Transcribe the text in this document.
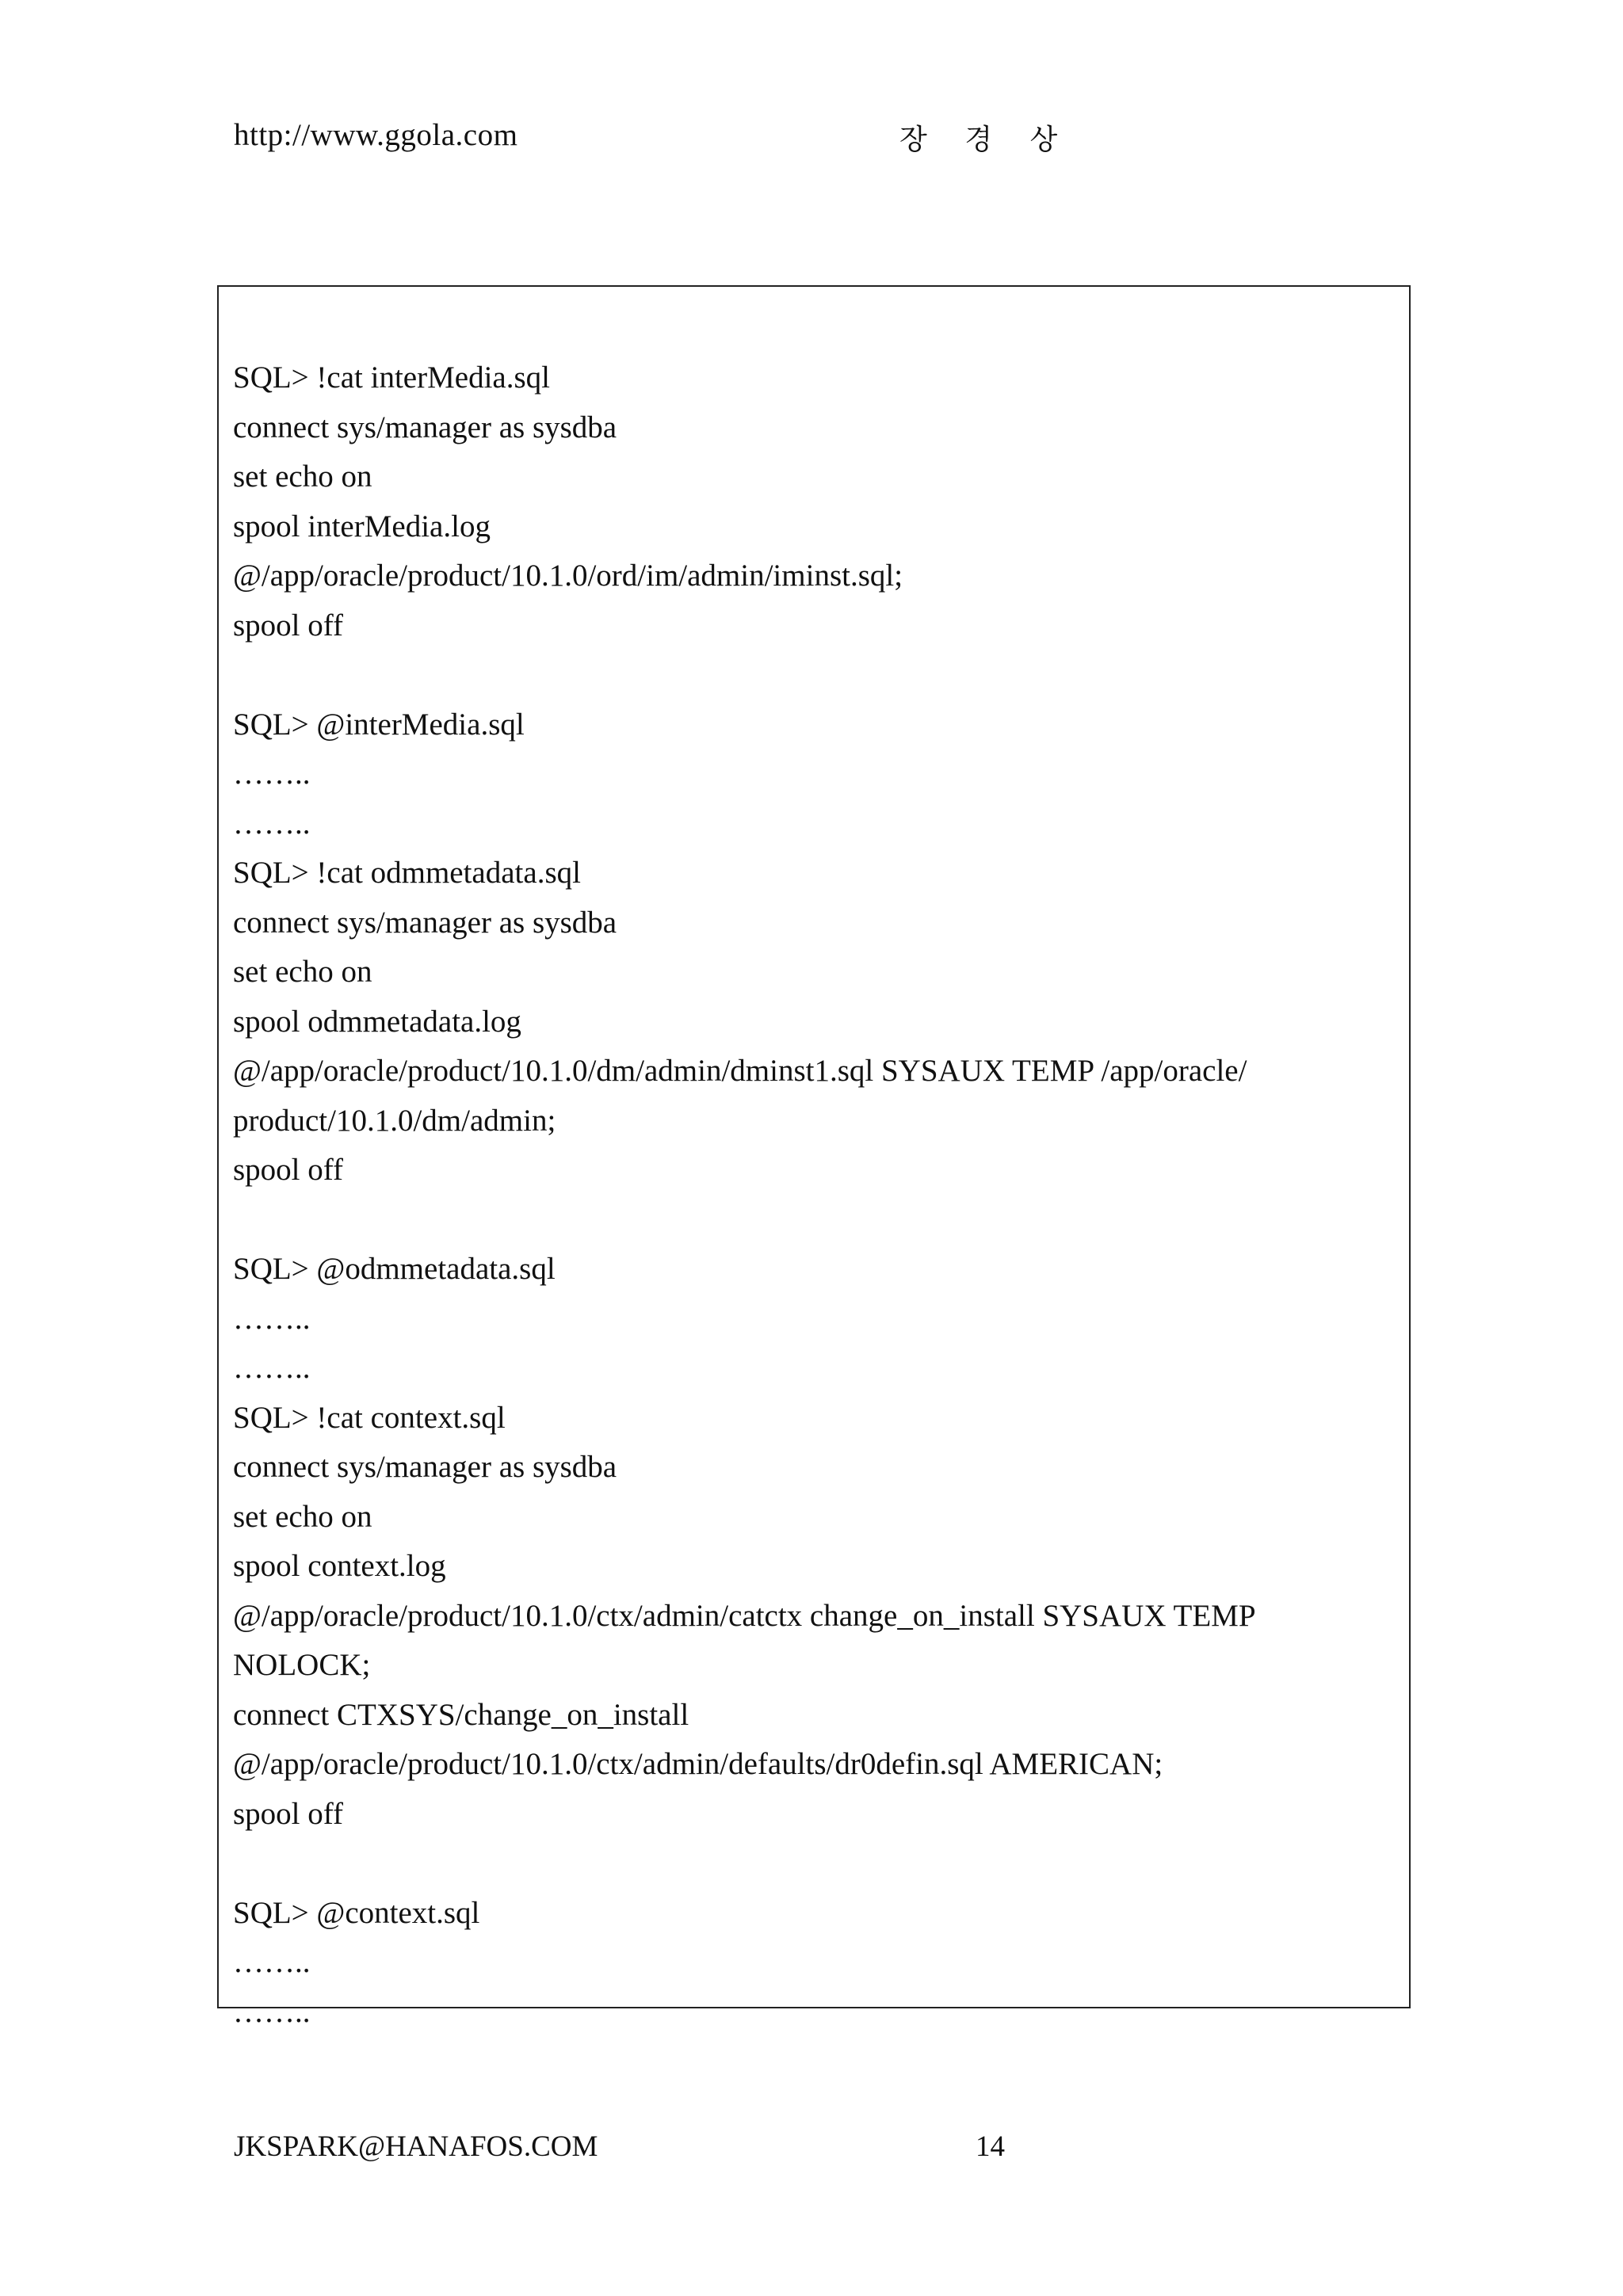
http://www.ggola.com	장 경 상
SQL> !cat interMedia.sql
connect sys/manager as sysdba
set echo on
spool interMedia.log
@/app/oracle/product/10.1.0/ord/im/admin/iminst.sql;
spool off
SQL> @interMedia.sql
……..
……..
SQL> !cat odmmetadata.sql
connect sys/manager as sysdba
set echo on
spool odmmetadata.log
@/app/oracle/product/10.1.0/dm/admin/dminst1.sql SYSAUX TEMP /app/oracle/
product/10.1.0/dm/admin;
spool off
SQL> @odmmetadata.sql
……..
……..
SQL> !cat context.sql
connect sys/manager as sysdba
set echo on
spool context.log
@/app/oracle/product/10.1.0/ctx/admin/catctx change_on_install SYSAUX TEMP
NOLOCK;
connect CTXSYS/change_on_install
@/app/oracle/product/10.1.0/ctx/admin/defaults/dr0defin.sql AMERICAN;
spool off
SQL> @context.sql
……..
……..
JKSPARK@HANAFOS.COM	14
